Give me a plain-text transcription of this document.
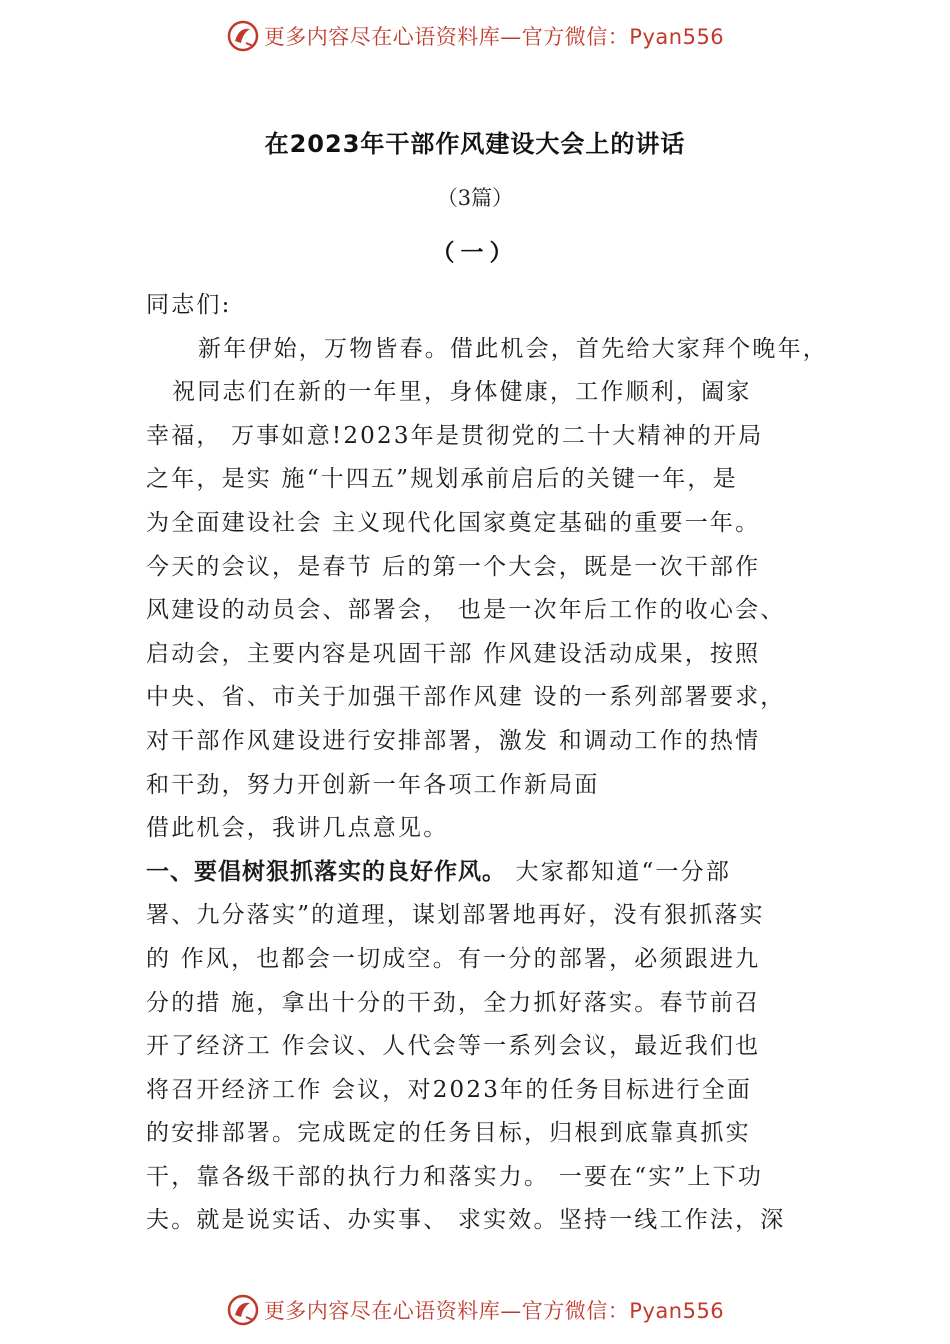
更多内容尽在心语资料库—官方微信：Pyan556
在2023年干部作风建设大会上的讲话
（3篇）
（一）
同志们:
新年伊始，万物皆春。借此机会，首先给大家拜个晚年，
祝同志们在新的一年里，身体健康，工作顺利，阖家
幸福， 万事如意!2023年是贯彻党的二十大精神的开局
之年，是实 施“十四五”规划承前启后的关键一年，是
为全面建设社会 主义现代化国家奠定基础的重要一年。
今天的会议，是春节 后的第一个大会，既是一次干部作
风建设的动员会、部署会， 也是一次年后工作的收心会、
启动会，主要内容是巩固干部 作风建设活动成果，按照
中央、省、市关于加强干部作风建 设的一系列部署要求，
对干部作风建设进行安排部署，激发 和调动工作的热情
和干劲，努力开创新一年各项工作新局面
借此机会，我讲几点意见。
一、要倡树狠抓落实的良好作风。 大家都知道“一分部
署、九分落实”的道理，谋划部署地再好，没有狠抓落实
的 作风，也都会一切成空。有一分的部署，必须跟进九
分的措 施，拿出十分的干劲，全力抓好落实。春节前召
开了经济工 作会议、人代会等一系列会议，最近我们也
将召开经济工作 会议，对2023年的任务目标进行全面
的安排部署。完成既定的任务目标，归根到底靠真抓实
干，靠各级干部的执行力和落实力。 一要在“实”上下功
夫。就是说实话、办实事、 求实效。坚持一线工作法，深
更多内容尽在心语资料库—官方微信：Pyan556
